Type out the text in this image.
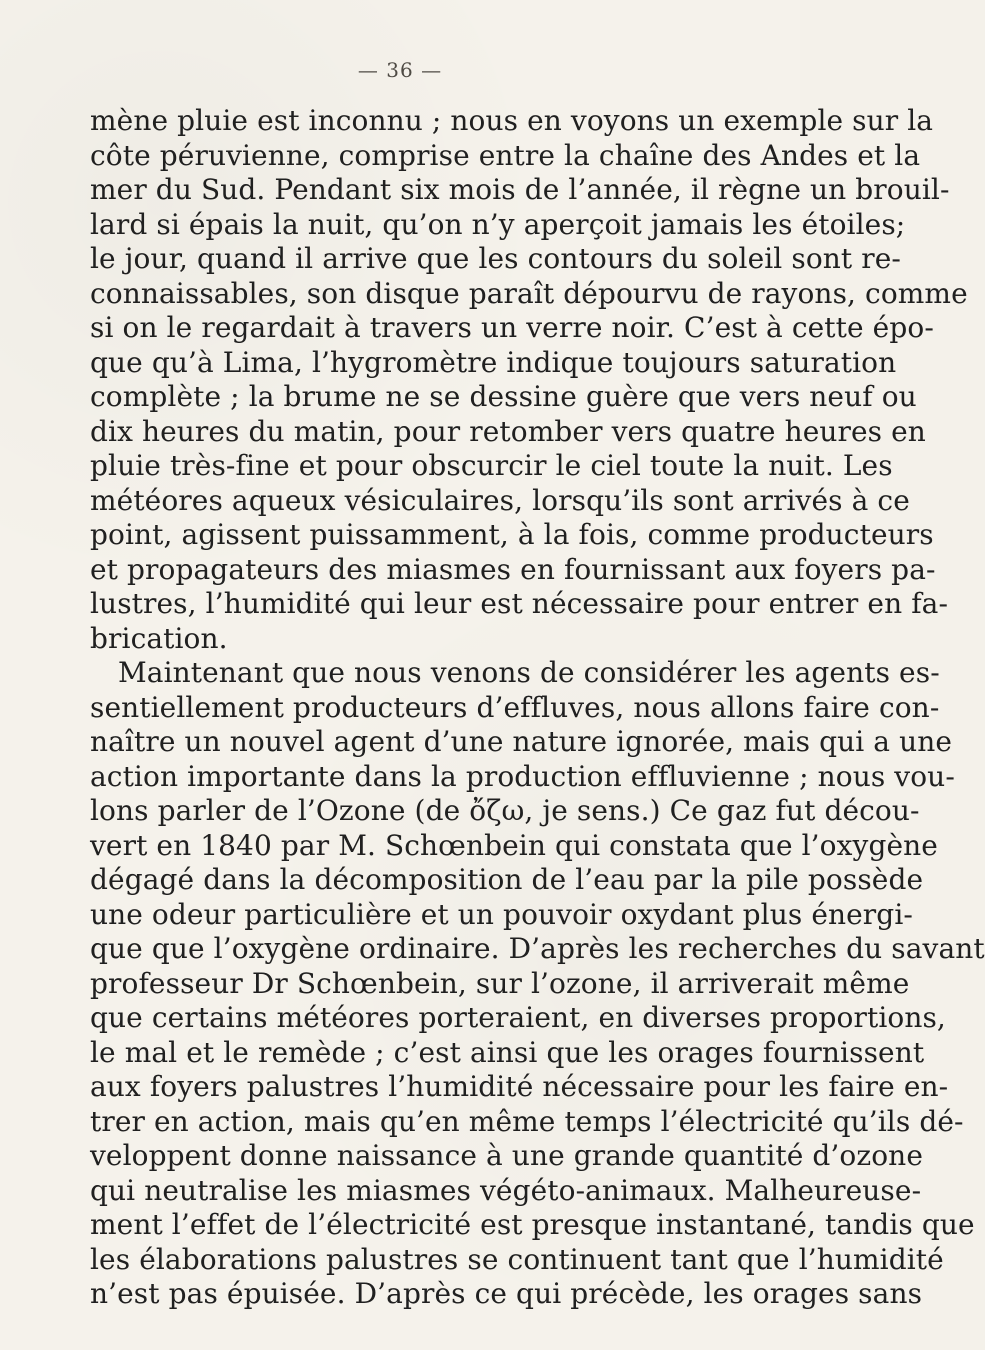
— 36 —
mène pluie est inconnu ; nous en voyons un exemple sur la
côte péruvienne, comprise entre la chaîne des Andes et la
mer du Sud. Pendant six mois de l’année, il règne un brouil-
lard si épais la nuit, qu’on n’y aperçoit jamais les étoiles;
le jour, quand il arrive que les contours du soleil sont re-
connaissables, son disque paraît dépourvu de rayons, comme
si on le regardait à travers un verre noir. C’est à cette épo-
que qu’à Lima, l’hygromètre indique toujours saturation
complète ; la brume ne se dessine guère que vers neuf ou
dix heures du matin, pour retomber vers quatre heures en
pluie très-fine et pour obscurcir le ciel toute la nuit. Les
météores aqueux vésiculaires, lorsqu’ils sont arrivés à ce
point, agissent puissamment, à la fois, comme producteurs
et propagateurs des miasmes en fournissant aux foyers pa-
lustres, l’humidité qui leur est nécessaire pour entrer en fa-
brication.
Maintenant que nous venons de considérer les agents es-
sentiellement producteurs d’effluves, nous allons faire con-
naître un nouvel agent d’une nature ignorée, mais qui a une
action importante dans la production effluvienne ; nous vou-
lons parler de l’Ozone (de ὄζω, je sens.) Ce gaz fut décou-
vert en 1840 par M. Schœnbein qui constata que l’oxygène
dégagé dans la décomposition de l’eau par la pile possède
une odeur particulière et un pouvoir oxydant plus énergi-
que que l’oxygène ordinaire. D’après les recherches du savant
professeur Dr Schœnbein, sur l’ozone, il arriverait même
que certains météores porteraient, en diverses proportions,
le mal et le remède ; c’est ainsi que les orages fournissent
aux foyers palustres l’humidité nécessaire pour les faire en-
trer en action, mais qu’en même temps l’électricité qu’ils dé-
veloppent donne naissance à une grande quantité d’ozone
qui neutralise les miasmes végéto-animaux. Malheureuse-
ment l’effet de l’électricité est presque instantané, tandis que
les élaborations palustres se continuent tant que l’humidité
n’est pas épuisée. D’après ce qui précède, les orages sans
